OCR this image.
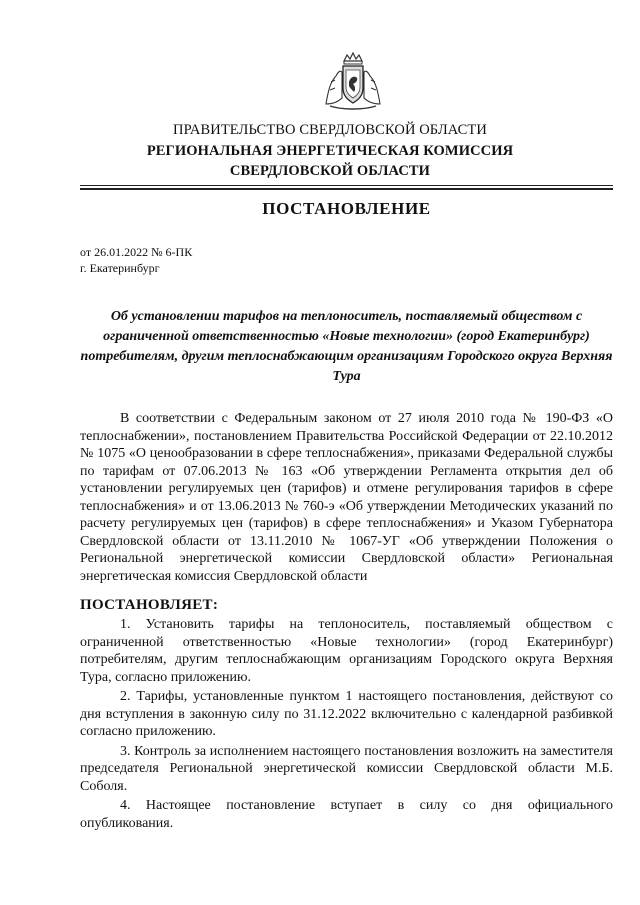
ПРАВИТЕЛЬСТВО СВЕРДЛОВСКОЙ ОБЛАСТИ
РЕГИОНАЛЬНАЯ ЭНЕРГЕТИЧЕСКАЯ КОМИССИЯ
СВЕРДЛОВСКОЙ ОБЛАСТИ
ПОСТАНОВЛЕНИЕ
от 26.01.2022 № 6-ПК
г. Екатеринбург
Об установлении тарифов на теплоноситель, поставляемый обществом с ограниченной ответственностью «Новые технологии» (город Екатеринбург) потребителям, другим теплоснабжающим организациям Городского округа Верхняя Тура
В соответствии с Федеральным законом от 27 июля 2010 года № 190-ФЗ «О теплоснабжении», постановлением Правительства Российской Федерации от 22.10.2012 № 1075 «О ценообразовании в сфере теплоснабжения», приказами Федеральной службы по тарифам от 07.06.2013 № 163 «Об утверждении Регламента открытия дел об установлении регулируемых цен (тарифов) и отмене регулирования тарифов в сфере теплоснабжения» и от 13.06.2013 № 760-э «Об утверждении Методических указаний по расчету регулируемых цен (тарифов) в сфере теплоснабжения» и Указом Губернатора Свердловской области от 13.11.2010 № 1067-УГ «Об утверждении Положения о Региональной энергетической комиссии Свердловской области» Региональная энергетическая комиссия Свердловской области
ПОСТАНОВЛЯЕТ:

1. Установить тарифы на теплоноситель, поставляемый обществом с ограниченной ответственностью «Новые технологии» (город Екатеринбург) потребителям, другим теплоснабжающим организациям Городского округа Верхняя Тура, согласно приложению.

2. Тарифы, установленные пунктом 1 настоящего постановления, действуют со дня вступления в законную силу по 31.12.2022 включительно с календарной разбивкой согласно приложению.

3. Контроль за исполнением настоящего постановления возложить на заместителя председателя Региональной энергетической комиссии Свердловской области М.Б. Соболя.

4. Настоящее постановление вступает в силу со дня официального опубликования.
